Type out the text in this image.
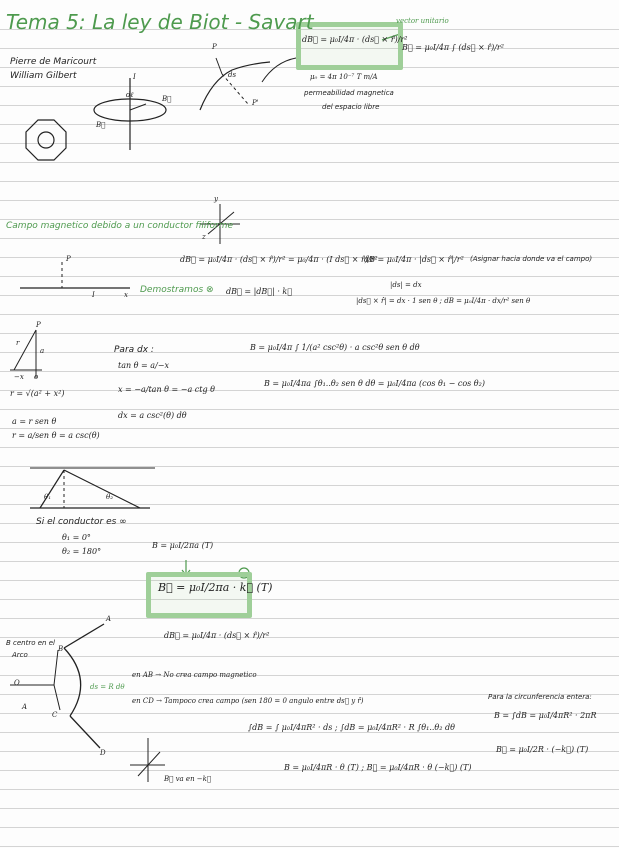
Tema 5: La ley de Biot - Savart
Pierre de Maricourt
William Gilbert	I
dℓ	B⃗
B⃗
P
ds
P'
dB⃗ = μ₀I/4π · (ds⃗ × r̂)/r²
vector unitario
B⃗ = μ₀I/4π ∫ (ds⃗ × r̂)/r²
μ₀ = 4π 10⁻⁷ T m/A
permeabilidad magnetica
del espacio libre
Campo magnetico debido a un conductor filiforme
P
I	x
y
z
dB⃗ = μ₀I/4π · (ds⃗ × r̂)/r² = μ₀/4π · (I ds⃗ × r̂)/r²
dB = μ₀I/4π · |ds⃗ × r̂|/r² (Asignar hacia donde va el campo)
Demostramos ⊗ dB⃗ = |dB⃗| · k⃗
|ds| = dx
|ds⃗ × r̂| = dx · 1 sen θ ; dB = μ₀I/4π · dx/r² sen θ
P
r
a
−x o
r = √(a² + x²)
a = r sen θ
r = a/sen θ = a csc(θ)
Para dx :
tan θ = a/−x
x = −a/tan θ = −a ctg θ
dx = a csc²(θ) dθ
B = μ₀I/4π ∫ 1/(a² csc²θ) · a csc²θ sen θ dθ
B = μ₀I/4πa ∫θ₁..θ₂ sen θ dθ = μ₀I/4πa (cos θ₁ − cos θ₂)
θ₁	θ₂
Si el conductor es ∞
θ₁ = 0°
θ₂ = 180°
B = μ₀I/2πa (T)
B⃗ = μ₀I/2πa · k⃗ (T)
B centro en el
Arco
A
B
C
D
O
A
ds = R dθ
dB⃗ = μ₀I/4π · (ds⃗ × r̂)/r²
en AB → No crea campo magnetico
en CD → Tampoco crea campo (sen 180 = 0 angulo entre ds⃗ y r̂)
∫dB = ∫ μ₀I/4πR² · ds ; ∫dB = μ₀I/4πR² · R ∫θ₁..θ₂ dθ
B = μ₀I/4πR · θ (T) ; B⃗ = μ₀I/4πR · θ (−k⃗) (T)
Para la circunferencia entera:
B = ∫dB = μ₀I/4πR² · 2πR
B⃗ = μ₀I/2R · (−k⃗) (T)
B⃗ va en −k⃗
